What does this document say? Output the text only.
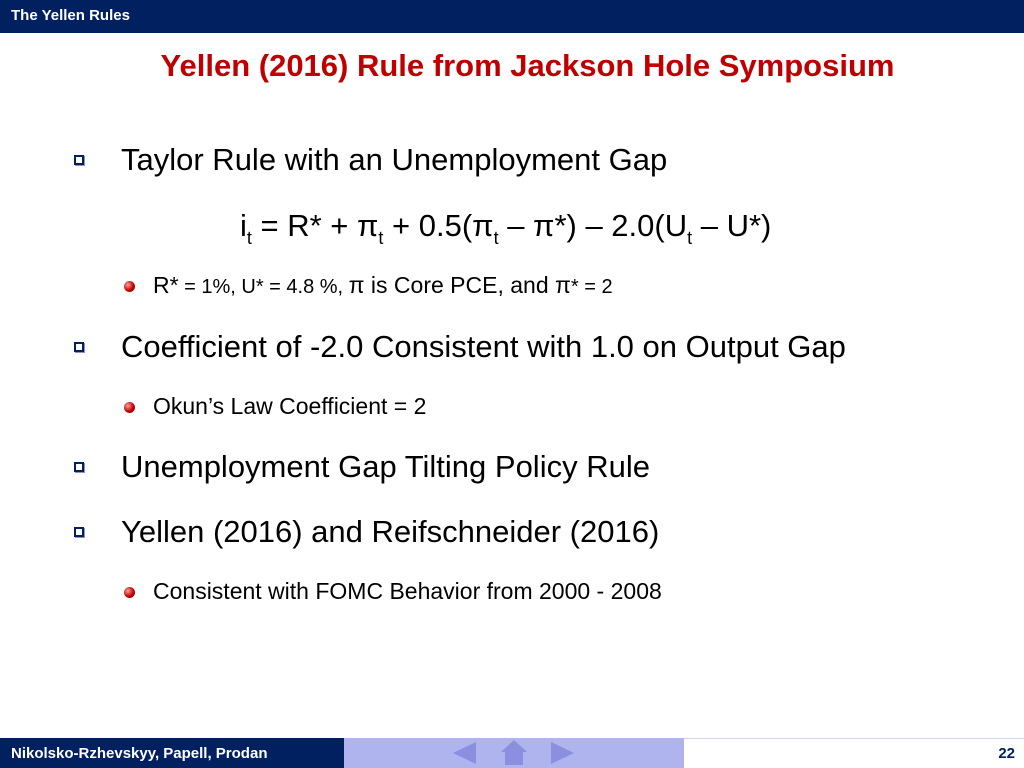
The Yellen Rules
Yellen (2016) Rule from Jackson Hole Symposium
Taylor Rule with an Unemployment Gap
$i_t = R* + \pi_t + 0.5(\pi_t - \pi*) - 2.0(U_t - U*)$
R* = 1%, U* = 4.8 %, π is Core PCE, and π* = 2
Coefficient of -2.0 Consistent with 1.0 on Output Gap
Okun’s Law Coefficient = 2
Unemployment Gap Tilting Policy Rule
Yellen (2016) and Reifschneider (2016)
Consistent with FOMC Behavior from 2000 - 2008
Nikolsko-Rzhevskyy, Papell, Prodan	22
